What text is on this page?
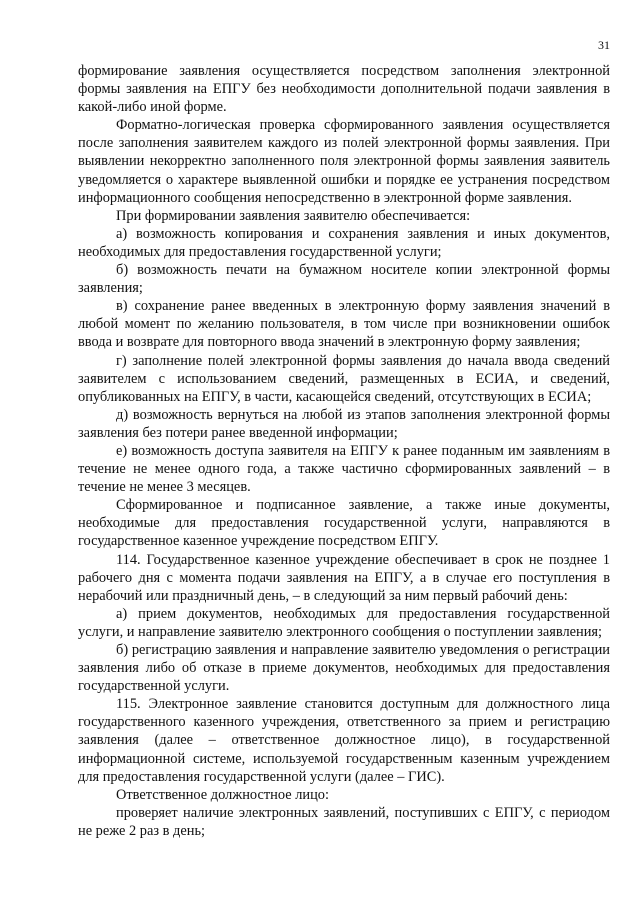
31

формирование заявления осуществляется посредством заполнения электронной формы заявления на ЕПГУ без необходимости дополнительной подачи заявления в какой-либо иной форме.

Форматно-логическая проверка сформированного заявления осуществляется после заполнения заявителем каждого из полей электронной формы заявления. При выявлении некорректно заполненного поля электронной формы заявления заявитель уведомляется о характере выявленной ошибки и порядке ее устранения посредством информационного сообщения непосредственно в электронной форме заявления.

При формировании заявления заявителю обеспечивается:

а) возможность копирования и сохранения заявления и иных документов, необходимых для предоставления государственной услуги;

б) возможность печати на бумажном носителе копии электронной формы заявления;

в) сохранение ранее введенных в электронную форму заявления значений в любой момент по желанию пользователя, в том числе при возникновении ошибок ввода и возврате для повторного ввода значений в электронную форму заявления;

г) заполнение полей электронной формы заявления до начала ввода сведений заявителем с использованием сведений, размещенных в ЕСИА, и сведений, опубликованных на ЕПГУ, в части, касающейся сведений, отсутствующих в ЕСИА;

д) возможность вернуться на любой из этапов заполнения электронной формы заявления без потери ранее введенной информации;

е) возможность доступа заявителя на ЕПГУ к ранее поданным им заявлениям в течение не менее одного года, а также частично сформированных заявлений – в течение не менее 3 месяцев.

Сформированное и подписанное заявление, а также иные документы, необходимые для предоставления государственной услуги, направляются в государственное казенное учреждение посредством ЕПГУ.

114. Государственное казенное учреждение обеспечивает в срок не позднее 1 рабочего дня с момента подачи заявления на ЕПГУ, а в случае его поступления в нерабочий или праздничный день, – в следующий за ним первый рабочий день:

а) прием документов, необходимых для предоставления государственной услуги, и направление заявителю электронного сообщения о поступлении заявления;

б) регистрацию заявления и направление заявителю уведомления о регистрации заявления либо об отказе в приеме документов, необходимых для предоставления государственной услуги.

115. Электронное заявление становится доступным для должностного лица государственного казенного учреждения, ответственного за прием и регистрацию заявления (далее – ответственное должностное лицо), в государственной информационной системе, используемой государственным казенным учреждением для предоставления государственной услуги (далее – ГИС).

Ответственное должностное лицо:

проверяет наличие электронных заявлений, поступивших с ЕПГУ, с периодом не реже 2 раз в день;
